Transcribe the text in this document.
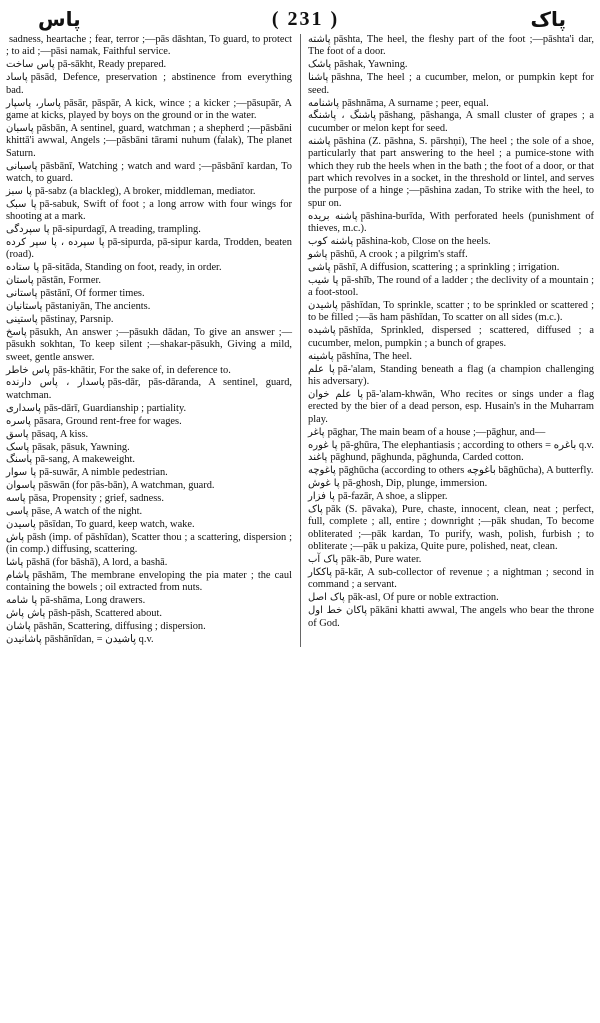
پاس	( 231 )	پاک

sadness, heartache ; fear, terror ;—pās dāshtan, To guard, to protect ; to aid ;—pāsi namak, Faithful service.

پاس ساخت pā-sākht, Ready prepared.

پاساد pāsād, Defence, preservation ; abstinence from everything bad.

پاسار، پاسپار pāsār, pāspār, A kick, wince ; a kicker ;—pāsupār, A game at kicks, played by boys on the ground or in the water.

پاسبان pāsbān, A sentinel, guard, watchman ; a shepherd ;—pāsbāni khittā'i awwal, Angels ;—pāsbāni tārami nuhum (falak), The planet Saturn.

پاسبانی pāsbānī, Watching ; watch and ward ;—pāsbānī kardan, To watch, to guard.

پا سبز pā-sabz (a blackleg), A broker, middleman, mediator.

پا سبک pā-sabuk, Swift of foot ; a long arrow with four wings for shooting at a mark.

پا سپردگی pā-sipurdagī, A treading, trampling.

پا سپرده ، پا سپر کرده pā-sipurda, pā-sipur karda, Trodden, beaten (road).

پا ستاده pā-sitāda, Standing on foot, ready, in order.

پاستان pāstān, Former.

پاستانی pāstānī, Of former times.

پاستانیان pāstaniyān, The ancients.

پاستینی pāstinay, Parsnip.

پاسخ pāsukh, An answer ;—pāsukh dādan, To give an answer ;—pāsukh sokhtan, To keep silent ;—shakar-pāsukh, Giving a mild, sweet, gentle answer.

پاس خاطر pās-khātir, For the sake of, in deference to.

پاسدار ، پاس دارنده pās-dār, pās-dāranda, A sentinel, guard, watchman.

پاسداری pās-dārī, Guardianship ; partiality.

پاسره pāsara, Ground rent-free for wages.

پاسق pāsaq, A kiss.

پاسک pāsak, pāsuk, Yawning.

پاسنگ pā-sang, A makeweight.

پا سوار pā-suwār, A nimble pedestrian.

پاسوان pāswān (for pās-bān), A watchman, guard.

پاسه pāsa, Propensity ; grief, sadness.

پاسی pāse, A watch of the night.

پاسیدن pāsīdan, To guard, keep watch, wake.

پاش pāsh (imp. of pāshīdan), Scatter thou ; a scattering, dispersion ; (in comp.) diffusing, scattering.

پاشا pāshā (for bāshā), A lord, a bashā.

پاشام pāshām, The membrane enveloping the pia mater ; the caul containing the bowels ; oil extracted from nuts.

پا شامه pā-shāma, Long drawers.

پاش پاش pāsh-pāsh, Scattered about.

پاشان pāshān, Scattering, diffusing ; dispersion.

پاشانیدن pāshānīdan, = پاشیدن q.v.

پاشته pāshta, The heel, the fleshy part of the foot ;—pāshta'i dar, The foot of a door.

پاشک pāshak, Yawning.

پاشنا pāshna, The heel ; a cucumber, melon, or pumpkin kept for seed.

پاشنامه pāshnāma, A surname ; peer, equal.

پاشنگ ، پاشنگه pāshang, pāshanga, A small cluster of grapes ; a cucumber or melon kept for seed.

پاشنه pāshina (Z. pāshna, S. pārshṇi), The heel ; the sole of a shoe, particularly that part answering to the heel ; a pumice-stone with which they rub the heels when in the bath ; the foot of a door, or that part which revolves in a socket, in the threshold or lintel, and serves the purpose of a hinge ;—pāshina zadan, To strike with the heel, to spur on.

پاشنه بریده pāshina-burīda, With perforated heels (punishment of thieves, m.c.).

پاشنه کوب pāshina-kob, Close on the heels.

پاشو pāshū, A crook ; a pilgrim's staff.

پاشی pāshī, A diffusion, scattering ; a sprinkling ; irrigation.

پا شیب pā-shīb, The round of a ladder ; the declivity of a mountain ; a foot-stool.

پاشیدن pāshīdan, To sprinkle, scatter ; to be sprinkled or scattered ; to be filled ;—ās ham pāshīdan, To scatter on all sides (m.c.).

پاشیده pāshīda, Sprinkled, dispersed ; scattered, diffused ; a cucumber, melon, pumpkin ; a bunch of grapes.

پاشینه pāshīna, The heel.

پا علم pā-'alam, Standing beneath a flag (a champion challenging his adversary).

پا علم خوان pā-'alam-khwān, Who recites or sings under a flag erected by the bier of a dead person, esp. Husain's in the Muharram play.

پاغر pāghar, The main beam of a house ;—pāghur, and—

پا غوره pā-ghūra, The elephantiasis ; according to others = باغره q.v.

پاغند pāghund, pāghunda, pāghunda, Carded cotton.

پاغوچه pāghūcha (according to others باغوچه bāghūcha), A butterfly.

پا غوش pā-ghosh, Dip, plunge, immersion.

پا فزار pā-fazār, A shoe, a slipper.

پاک pāk (S. pāvaka), Pure, chaste, innocent, clean, neat ; perfect, full, complete ; all, entire ; downright ;—pāk shudan, To become obliterated ;—pāk kardan, To purify, wash, polish, furbish ; to obliterate ;—pāk u pakiza, Quite pure, polished, neat, clean.

پاک آب pāk-āb, Pure water.

پاککار pā-kār, A sub-collector of revenue ; a nightman ; second in command ; a servant.

پاک اصل pāk-asl, Of pure or noble extraction.

پاکان خط اول pākāni khatti awwal, The angels who bear the throne of God.
